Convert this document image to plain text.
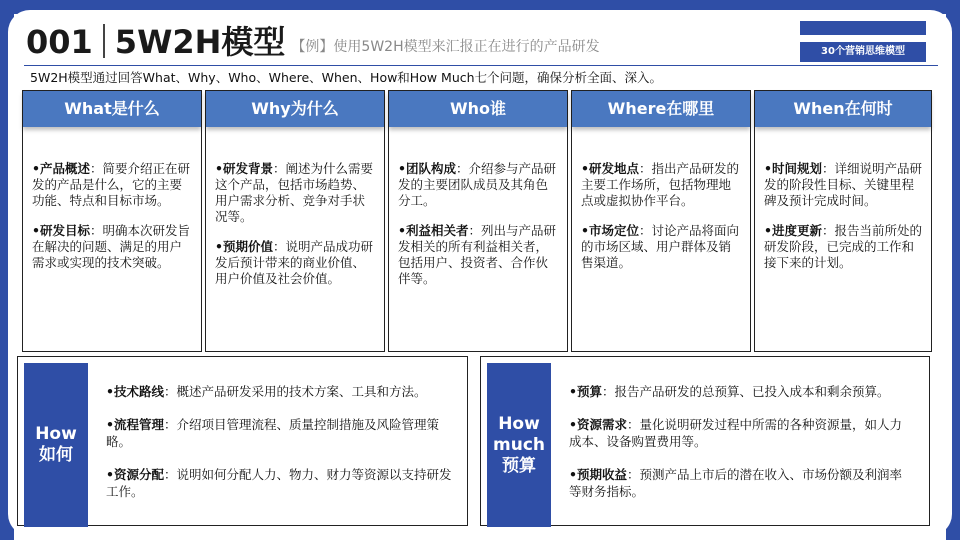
001 5W2H模型 【例】使用5W2H模型来汇报正在进行的产品研发	30个营销思维模型
5W2H模型通过回答What、Why、Who、Where、When、How和How Much七个问题，确保分析全面、深入。
What是什么
•产品概述：简要介绍正在研发的产品是什么，它的主要功能、特点和目标市场。
•研发目标：明确本次研发旨在解决的问题、满足的用户需求或实现的技术突破。
Why为什么
•研发背景：阐述为什么需要这个产品，包括市场趋势、用户需求分析、竞争对手状况等。
•预期价值：说明产品成功研发后预计带来的商业价值、用户价值及社会价值。
Who谁
•团队构成：介绍参与产品研发的主要团队成员及其角色分工。
•利益相关者：列出与产品研发相关的所有利益相关者，包括用户、投资者、合作伙伴等。
Where在哪里
•研发地点：指出产品研发的主要工作场所，包括物理地点或虚拟协作平台。
•市场定位：讨论产品将面向的市场区域、用户群体及销售渠道。
When在何时
•时间规划：详细说明产品研发的阶段性目标、关键里程碑及预计完成时间。
•进度更新：报告当前所处的研发阶段，已完成的工作和接下来的计划。
How
如何
•技术路线：概述产品研发采用的技术方案、工具和方法。
•流程管理：介绍项目管理流程、质量控制措施及风险管理策略。
•资源分配：说明如何分配人力、物力、财力等资源以支持研发工作。
How
much
预算
•预算：报告产品研发的总预算、已投入成本和剩余预算。
•资源需求：量化说明研发过程中所需的各种资源量，如人力成本、设备购置费用等。
•预期收益：预测产品上市后的潜在收入、市场份额及利润率等财务指标。
